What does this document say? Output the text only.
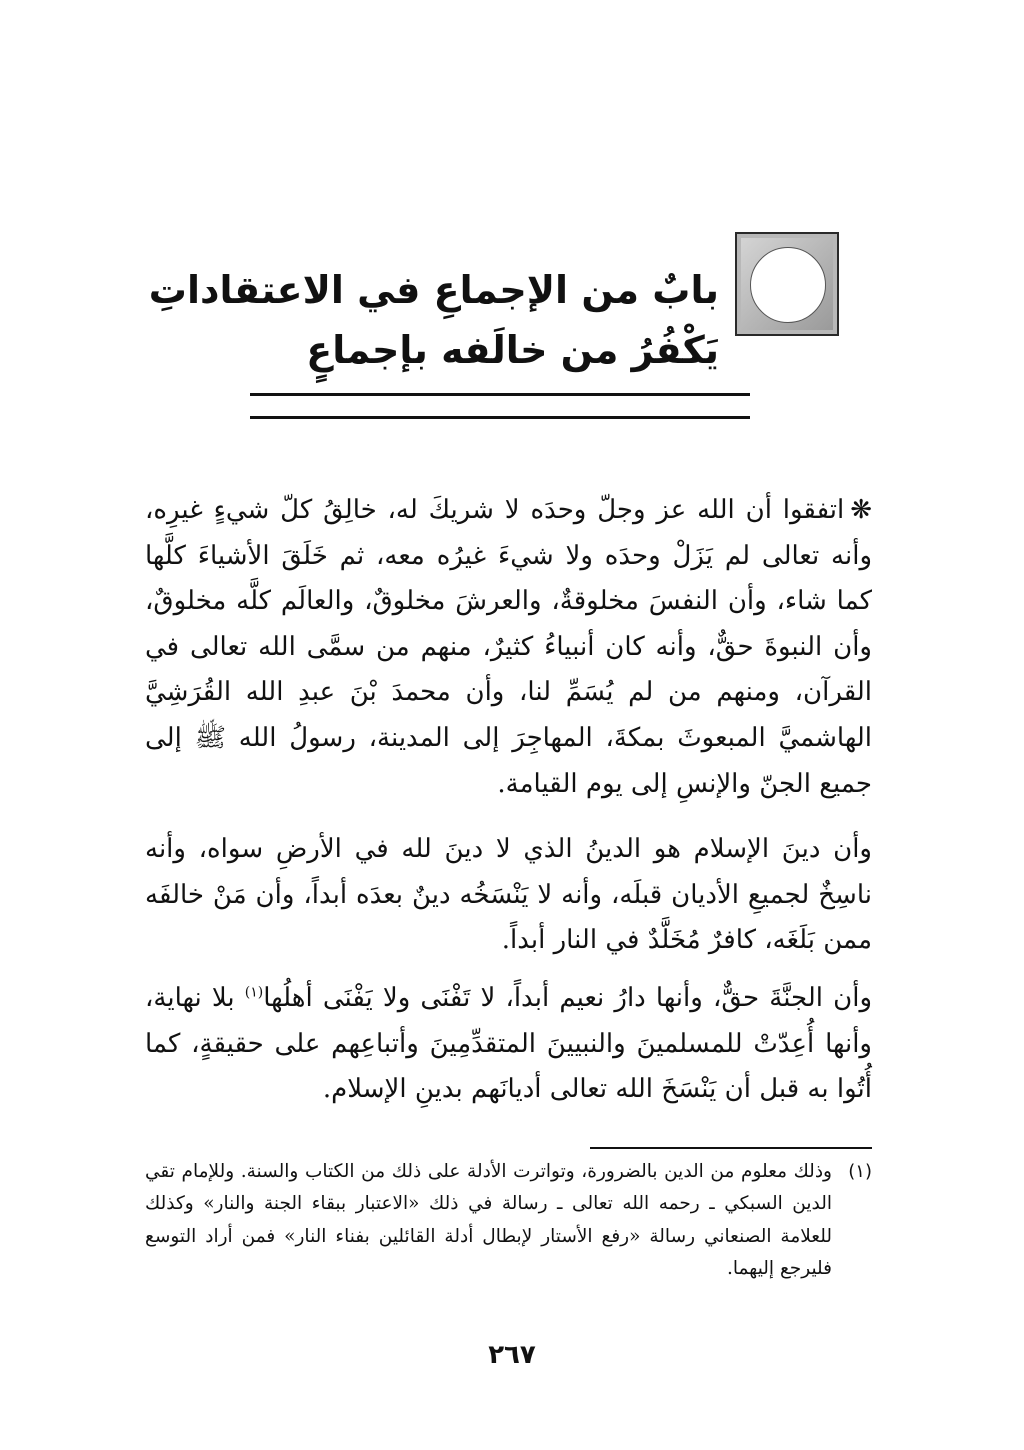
بابٌ من الإجماعِ في الاعتقاداتِ
يَكْفُرُ من خالَفه بإجماعٍ
❋اتفقوا أن الله عز وجلّ وحدَه لا شريكَ له، خالِقُ كلّ شيءٍ غيرِه، وأنه تعالى لم يَزَلْ وحدَه ولا شيءَ غيرُه معه، ثم خَلَقَ الأشياءَ كلَّها كما شاء، وأن النفسَ مخلوقةٌ، والعرشَ مخلوقٌ، والعالَم كلَّه مخلوقٌ، وأن النبوةَ حقٌّ، وأنه كان أنبياءُ كثيرٌ، منهم من سمَّى الله تعالى في القرآن، ومنهم من لم يُسَمِّ لنا، وأن محمدَ بْنَ عبدِ الله القُرَشِيَّ الهاشميَّ المبعوثَ بمكةَ، المهاجِرَ إلى المدينة، رسولُ الله ﷺ إلى جميع الجنّ والإنسِ إلى يوم القيامة.
وأن دينَ الإسلام هو الدينُ الذي لا دينَ لله في الأرضِ سواه، وأنه ناسِخٌ لجميعِ الأديان قبلَه، وأنه لا يَنْسَخُه دينٌ بعدَه أبداً، وأن مَنْ خالفَه ممن بَلَغَه، كافرٌ مُخَلَّدٌ في النار أبداً.
وأن الجنَّةَ حقٌّ، وأنها دارُ نعيم أبداً، لا تَفْنَى ولا يَفْنَى أهلُها$^{(١)}$ بلا نهاية، وأنها أُعِدّتْ للمسلمينَ والنبيينَ المتقدِّمِينَ وأتباعِهم على حقيقةٍ، كما أُتُوا به قبل أن يَنْسَخَ الله تعالى أديانَهم بدينِ الإسلام.
(١)
وذلك معلوم من الدين بالضرورة، وتواترت الأدلة على ذلك من الكتاب والسنة. وللإمام تقي الدين السبكي ـ رحمه الله تعالى ـ رسالة في ذلك «الاعتبار ببقاء الجنة والنار» وكذلك للعلامة الصنعاني رسالة «رفع الأستار لإبطال أدلة القائلين بفناء النار» فمن أراد التوسع فليرجع إليهما.
٢٦٧
